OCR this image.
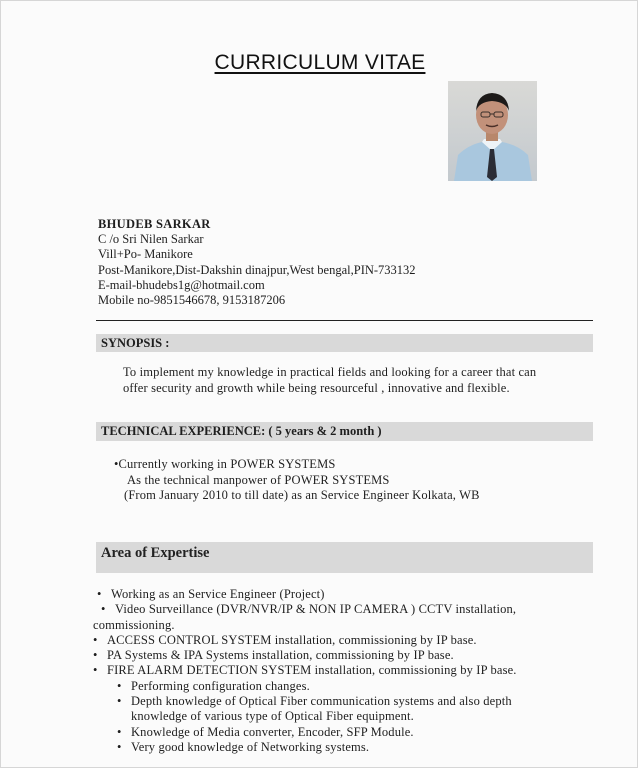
CURRICULUM VITAE
BHUDEB SARKAR
C /o Sri Nilen Sarkar
Vill+Po- Manikore
Post-Manikore,Dist-Dakshin dinajpur,West bengal,PIN-733132
E-mail-bhudebs1g@hotmail.com
Mobile no-9851546678, 9153187206
SYNOPSIS :
To implement my knowledge in practical fields and looking for a career that can
offer security and growth while being resourceful , innovative and flexible.
TECHNICAL EXPERIENCE: ( 5 years & 2 month )
•Currently working in POWER SYSTEMS
As the technical manpower of POWER SYSTEMS
(From January 2010 to till date) as an Service Engineer Kolkata, WB
Area of Expertise
• Working as an Service Engineer (Project)
• Video Surveillance (DVR/NVR/IP & NON IP CAMERA ) CCTV installation,
commissioning.
• ACCESS CONTROL SYSTEM installation, commissioning by IP base.
• PA Systems & IPA Systems installation, commissioning by IP base.
• FIRE ALARM DETECTION SYSTEM installation, commissioning by IP base.
• Performing configuration changes.
• Depth knowledge of Optical Fiber communication systems and also depth
knowledge of various type of Optical Fiber equipment.
• Knowledge of Media converter, Encoder, SFP Module.
• Very good knowledge of Networking systems.
